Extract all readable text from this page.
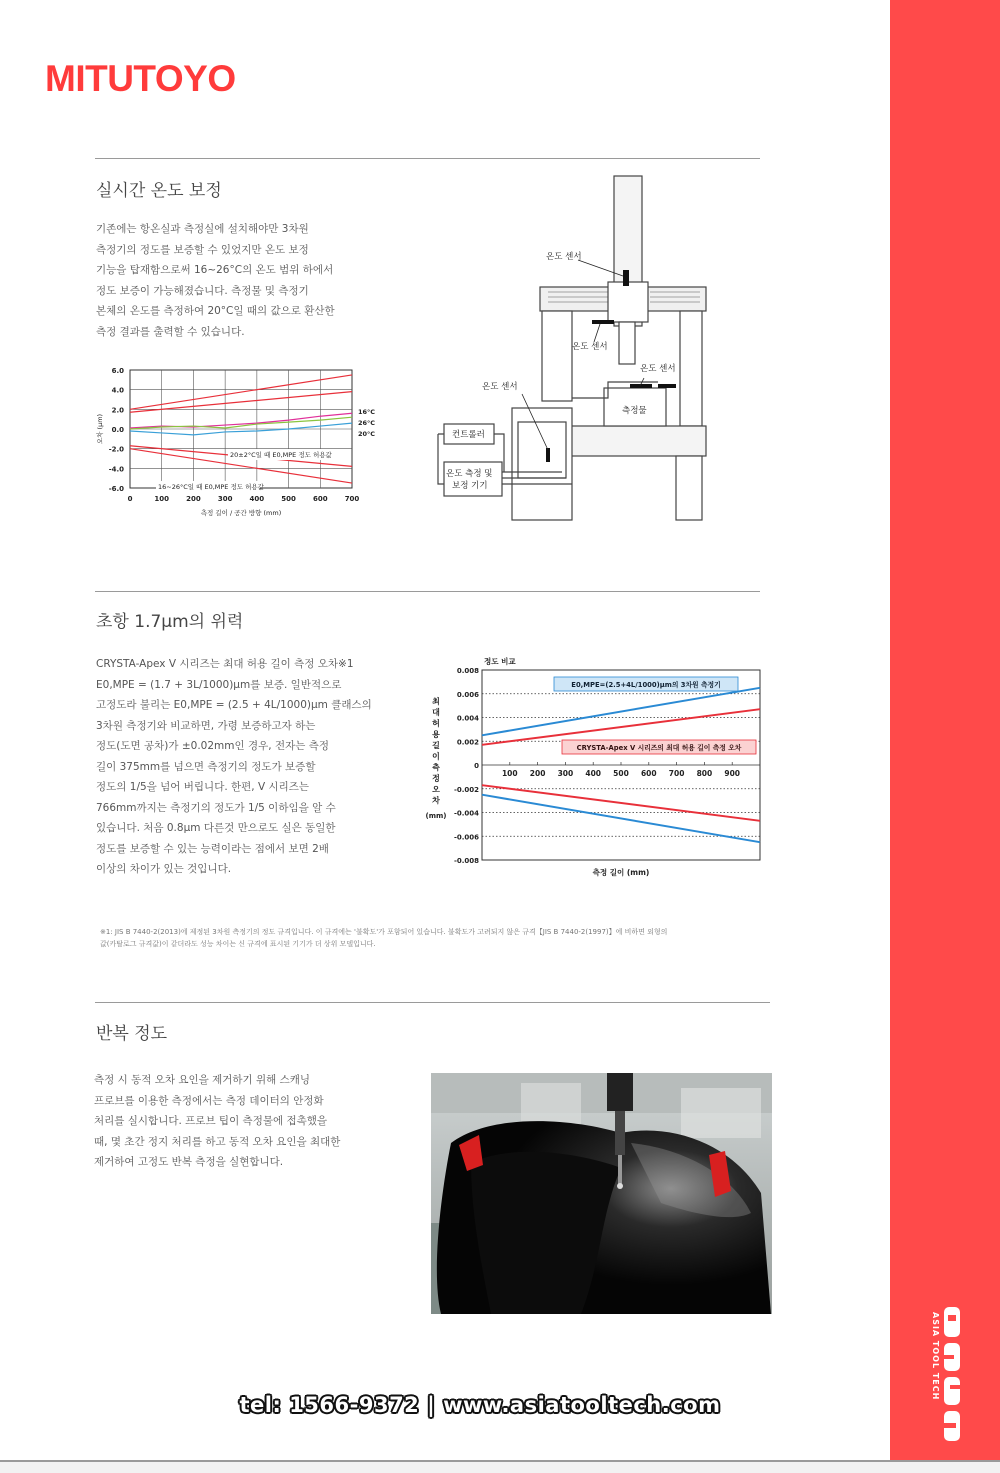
ASIA TOOL TECH
MITUTOYO
실시간 온도 보정
기존에는 항온실과 측정실에 설치해야만 3차원
측정기의 정도를 보증할 수 있었지만 온도 보정
기능을 탑재함으로써 16~26°C의 온도 범위 하에서
정도 보증이 가능해졌습니다. 측정물 및 측정기
본체의 온도를 측정하여 20°C일 때의 값으로 환산한
측정 결과를 출력할 수 있습니다.
6.0
4.0
2.0
0.0
-2.0
-4.0
-6.0
0	100 200 300 400 500 600 700
측정 길이 / 공간 방향 (mm)
오차 (μm)
16°C
26°C
20°C
20±2°C일 때 E0,MPE 정도 허용값
16~26°C일 때 E0,MPE 정도 허용값
온도 센서
온도 센서
온도 센서
온도 센서
측정물
컨트롤러
온도 측정 및
보정 기기
초항 1.7μm의 위력
CRYSTA-Apex V 시리즈는 최대 허용 길이 측정 오차※1
E0,MPE = (1.7 + 3L/1000)μm를 보증. 일반적으로
고정도라 불리는 E0,MPE = (2.5 + 4L/1000)μm 클래스의
3차원 측정기와 비교하면, 가령 보증하고자 하는
정도(도면 공차)가 ±0.02mm인 경우, 전자는 측정
길이 375mm를 넘으면 측정기의 정도가 보증할
정도의 1/5을 넘어 버립니다. 한편, V 시리즈는
766mm까지는 측정기의 정도가 1/5 이하임을 알 수
있습니다. 처음 0.8μm 다른것 만으로도 실은 동일한
정도를 보증할 수 있는 능력이라는 점에서 보면 2배
이상의 차이가 있는 것입니다.
0.008
0.006
0.004
0.002
0
-0.002
-0.004
-0.006
-0.008
100 200 300 400 500 600 700 800 900
정도 비교
측정 길이 (mm)
최
대
허
용
길
이
측
정
오
차
(mm)
E0,MPE=(2.5+4L/1000)μm의 3차원 측정기
CRYSTA-Apex V 시리즈의 최대 허용 길이 측정 오차
※1: JIS B 7440-2(2013)에 제정된 3차원 측정기의 정도 규격입니다. 이 규격에는 '불확도'가 포함되어 있습니다. 불확도가 고려되지 않은 규격【JIS B 7440-2(1997)】에 비하면 외형의
값(카탈로그 규격값)이 같더라도 성능 차이는 신 규격에 표시된 기기가 더 상위 모델입니다.
반복 정도
측정 시 동적 오차 요인을 제거하기 위해 스캐닝
프로브를 이용한 측정에서는 측정 데이터의 안정화
처리를 실시합니다. 프로브 팁이 측정물에 접촉했을
때, 몇 초간 정지 처리를 하고 동적 오차 요인을 최대한
제거하여 고정도 반복 측정을 실현합니다.
tel: 1566-9372 | www.asiatooltech.com
